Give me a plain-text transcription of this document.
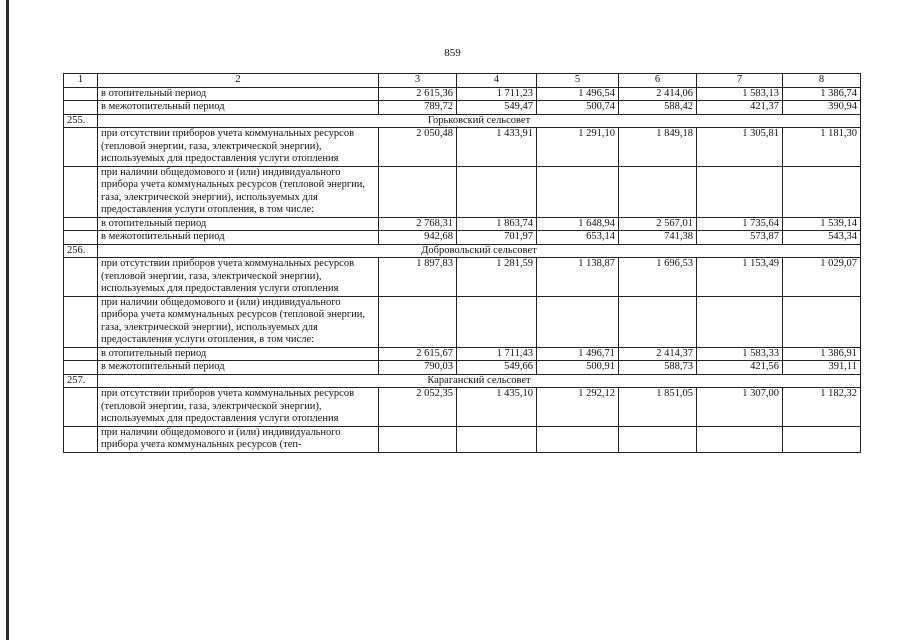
859
1	2	3	4	5	6	7	8
	в отопительный период	2 615,36	1 711,23	1 496,54	2 414,06	1 583,13	1 386,74
	в межотопительный период	789,72	549,47	500,74	588,42	421,37	390,94
255.	Горьковский сельсовет						
	при отсутствии приборов учета коммунальных ресурсов (тепловой энергии, газа, электрической энергии), используемых для предоставления услуги отопления	2 050,48	1 433,91	1 291,10	1 849,18	1 305,81	1 181,30
	при наличии общедомового и (или) индивидуального прибора учета коммунальных ресурсов (тепловой энергии, газа, электрической энергии), используемых для предоставления услуги отопления, в том числе:						
	в отопительный период	2 768,31	1 863,74	1 648,94	2 567,01	1 735,64	1 539,14
	в межотопительный период	942,68	701,97	653,14	741,38	573,87	543,34
256.	Добровольский сельсовет						
	при отсутствии приборов учета коммунальных ресурсов (тепловой энергии, газа, электрической энергии), используемых для предоставления услуги отопления	1 897,83	1 281,59	1 138,87	1 696,53	1 153,49	1 029,07
	при наличии общедомового и (или) индивидуального прибора учета коммунальных ресурсов (тепловой энергии, газа, электрической энергии), используемых для предоставления услуги отопления, в том числе:						
	в отопительный период	2 615,67	1 711,43	1 496,71	2 414,37	1 583,33	1 386,91
	в межотопительный период	790,03	549,66	500,91	588,73	421,56	391,11
257.	Караганский сельсовет						
	при отсутствии приборов учета коммунальных ресурсов (тепловой энергии, газа, электрической энергии), используемых для предоставления услуги отопления	2 052,35	1 435,10	1 292,12	1 851,05	1 307,00	1 182,32
	при наличии общедомового и (или) индивидуального прибора учета коммунальных ресурсов (теп-						
